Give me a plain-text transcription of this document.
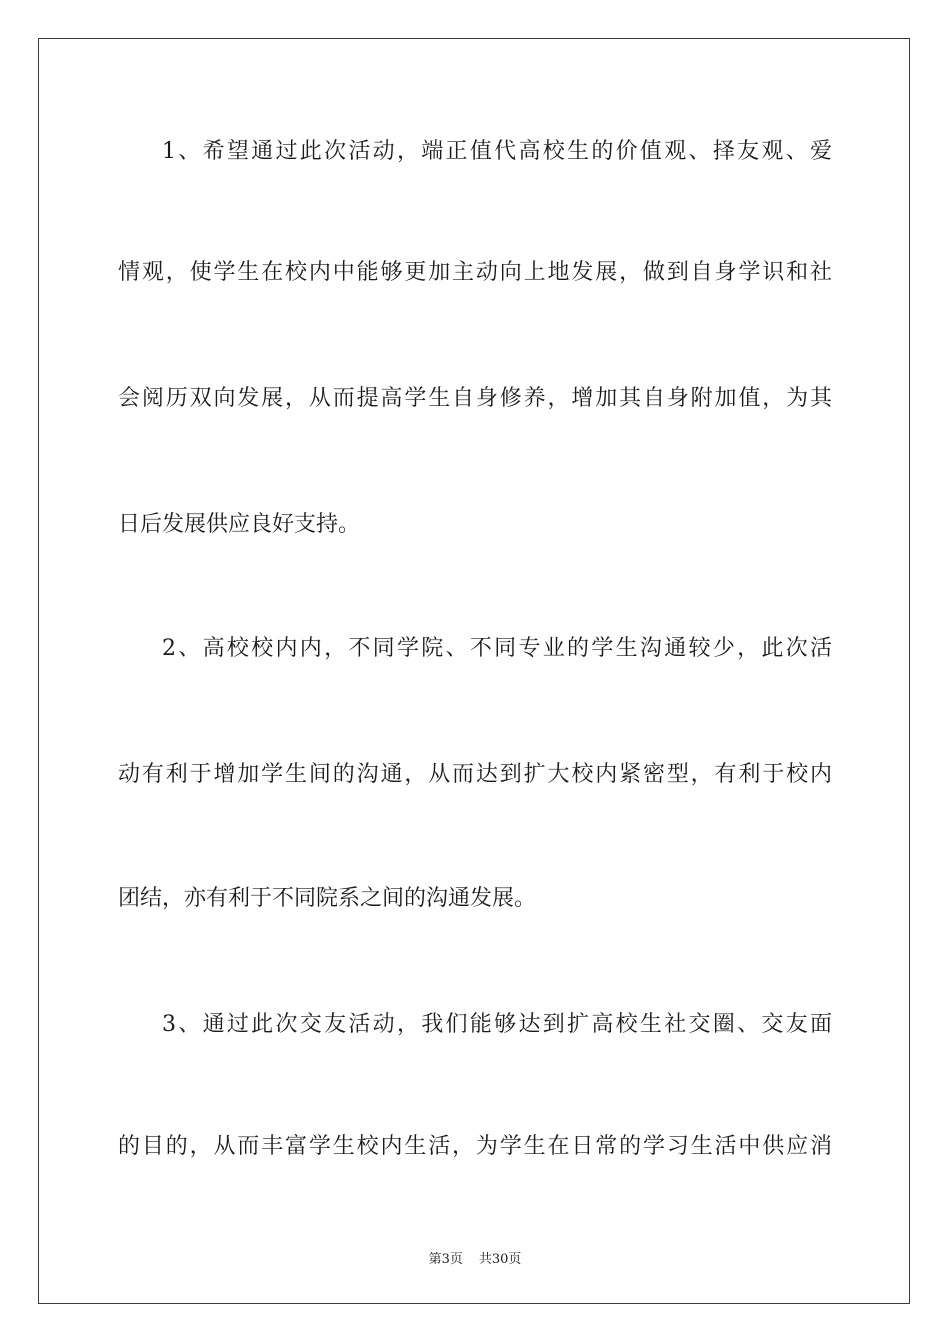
1、希望通过此次活动，端正值代高校生的价值观、择友观、爱
情观，使学生在校内中能够更加主动向上地发展，做到自身学识和社
会阅历双向发展，从而提高学生自身修养，增加其自身附加值，为其
日后发展供应良好支持。
2、高校校内内，不同学院、不同专业的学生沟通较少，此次活
动有利于增加学生间的沟通，从而达到扩大校内紧密型，有利于校内
团结，亦有利于不同院系之间的沟通发展。
3、通过此次交友活动，我们能够达到扩高校生社交圈、交友面
的目的，从而丰富学生校内生活，为学生在日常的学习生活中供应消
第3页 共30页
